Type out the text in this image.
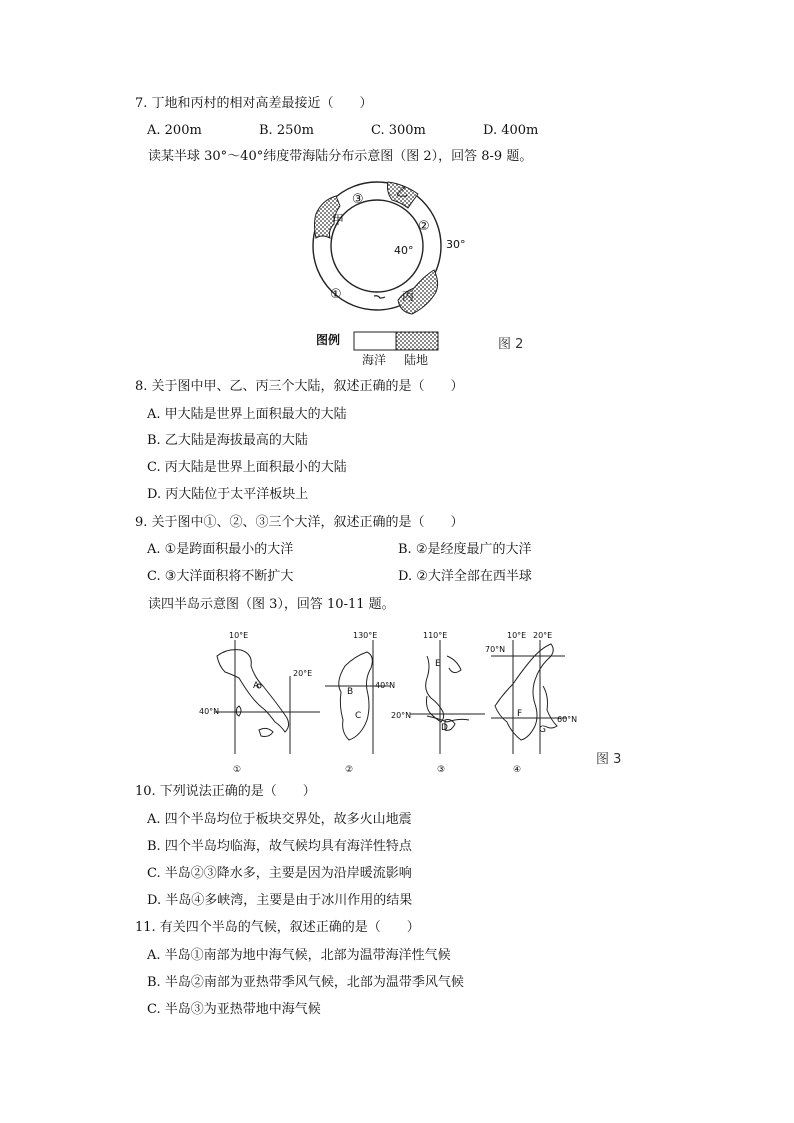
7. 丁地和丙村的相对高差最接近（　　）
A. 200m	B. 250m	C. 300m	D. 400m
读某半球 30°～40°纬度带海陆分布示意图（图 2），回答 8-9 题。
甲
乙
丙
③
②
①
40°	30°
图例
海洋 陆地
图 2
8. 关于图中甲、乙、丙三个大陆，叙述正确的是（　　）
A. 甲大陆是世界上面积最大的大陆
B. 乙大陆是海拔最高的大陆
C. 丙大陆是世界上面积最小的大陆
D. 丙大陆位于太平洋板块上
9. 关于图中①、②、③三个大洋，叙述正确的是（　　）
A. ①是跨面积最小的大洋	B. ②是经度最广的大洋
C. ③大洋面积将不断扩大	D. ②大洋全部在西半球
读四半岛示意图（图 3），回答 10-11 题。
10°E
20°E
40°N
A
①
130°E
40°N
B
C
②
110°E
20°N
E
D
③
10°E 20°E
70°N
60°N
F
G
④
图 3
10. 下列说法正确的是（　　）
A. 四个半岛均位于板块交界处，故多火山地震
B. 四个半岛均临海，故气候均具有海洋性特点
C. 半岛②③降水多，主要是因为沿岸暖流影响
D. 半岛④多峡湾，主要是由于冰川作用的结果
11. 有关四个半岛的气候，叙述正确的是（　　）
A. 半岛①南部为地中海气候，北部为温带海洋性气候
B. 半岛②南部为亚热带季风气候，北部为温带季风气候
C. 半岛③为亚热带地中海气候
